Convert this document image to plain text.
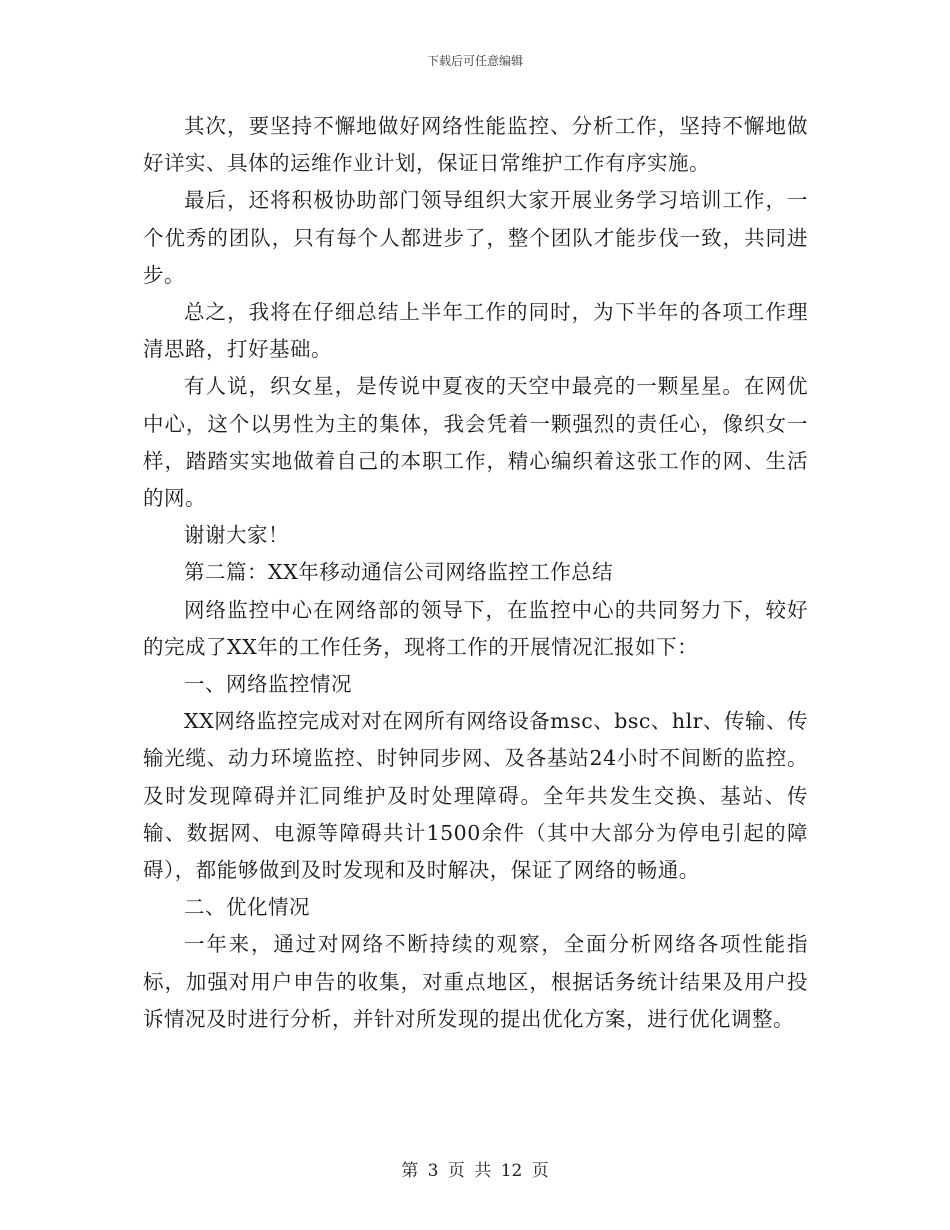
下载后可任意编辑

其次，要坚持不懈地做好网络性能监控、分析工作，坚持不懈地做好详实、具体的运维作业计划，保证日常维护工作有序实施。

最后，还将积极协助部门领导组织大家开展业务学习培训工作，一个优秀的团队，只有每个人都进步了，整个团队才能步伐一致，共同进步。

总之，我将在仔细总结上半年工作的同时，为下半年的各项工作理清思路，打好基础。

有人说，织女星，是传说中夏夜的天空中最亮的一颗星星。在网优中心，这个以男性为主的集体，我会凭着一颗强烈的责任心，像织女一样，踏踏实实地做着自己的本职工作，精心编织着这张工作的网、生活的网。

谢谢大家！

第二篇：XX年移动通信公司网络监控工作总结

网络监控中心在网络部的领导下，在监控中心的共同努力下，较好的完成了XX年的工作任务，现将工作的开展情况汇报如下：

一、网络监控情况

XX网络监控完成对对在网所有网络设备msc、bsc、hlr、传输、传输光缆、动力环境监控、时钟同步网、及各基站24小时不间断的监控。及时发现障碍并汇同维护及时处理障碍。全年共发生交换、基站、传输、数据网、电源等障碍共计1500余件（其中大部分为停电引起的障碍），都能够做到及时发现和及时解决，保证了网络的畅通。

二、优化情况

一年来，通过对网络不断持续的观察，全面分析网络各项性能指标，加强对用户申告的收集，对重点地区，根据话务统计结果及用户投诉情况及时进行分析，并针对所发现的提出优化方案，进行优化调整。

第 3 页 共 12 页
